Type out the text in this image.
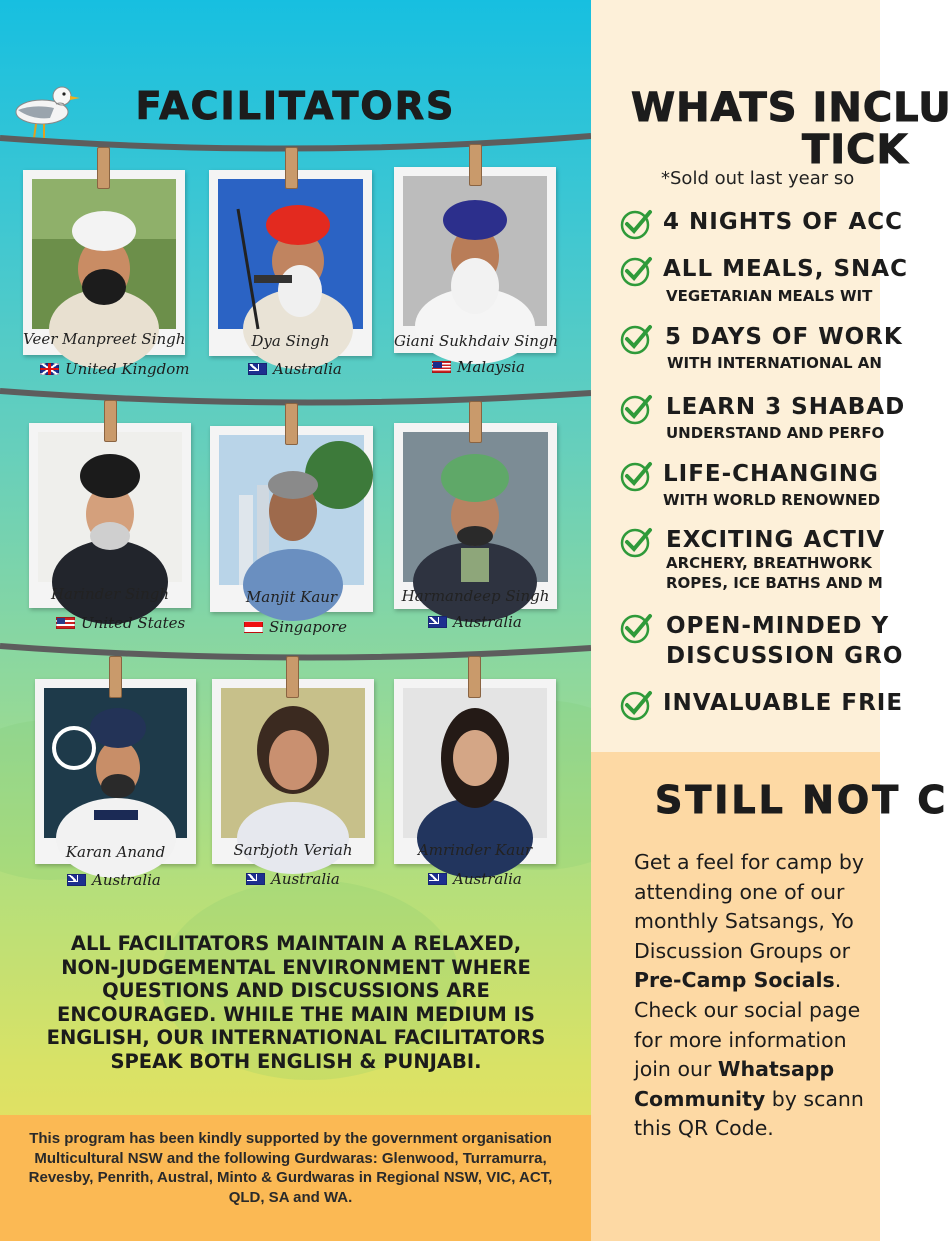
FACILITATORS
Veer Manpreet Singh
United Kingdom
Dya Singh
Australia
Giani Sukhdaiv Singh
Malaysia
Harinder Singh
United States
Manjit Kaur
Singapore
Harmandeep Singh
Australia
Karan Anand
Australia
Sarbjoth Veriah
Australia
Amrinder Kaur
Australia
ALL FACILITATORS MAINTAIN A RELAXED, NON-JUDGEMENTAL ENVIRONMENT WHERE QUESTIONS AND DISCUSSIONS ARE ENCOURAGED. WHILE THE MAIN MEDIUM IS ENGLISH, OUR INTERNATIONAL FACILITATORS SPEAK BOTH ENGLISH & PUNJABI.

This program has been kindly supported by the government organisation Multicultural NSW and the following Gurdwaras: Glenwood, Turramurra, Revesby, Penrith, Austral, Minto & Gurdwaras in Regional NSW, VIC, ACT, QLD, SA and WA.

WHATS INCLU
TICK
*Sold out last year so
4 NIGHTS OF ACC
ALL MEALS, SNAC
VEGETARIAN MEALS WIT
5 DAYS OF WORK
WITH INTERNATIONAL AN
LEARN 3 SHABAD
UNDERSTAND AND PERFO
LIFE-CHANGING
WITH WORLD RENOWNED
EXCITING ACTIV
ARCHERY, BREATHWORK
ROPES, ICE BATHS AND M
OPEN-MINDED Y
DISCUSSION GRO
INVALUABLE FRIE
STILL NOT C
Get a feel for camp by
attending one of our
monthly Satsangs, Yo
Discussion Groups or
Pre-Camp Socials.
Check our social page
for more information
join our Whatsapp
Community by scann
this QR Code.
